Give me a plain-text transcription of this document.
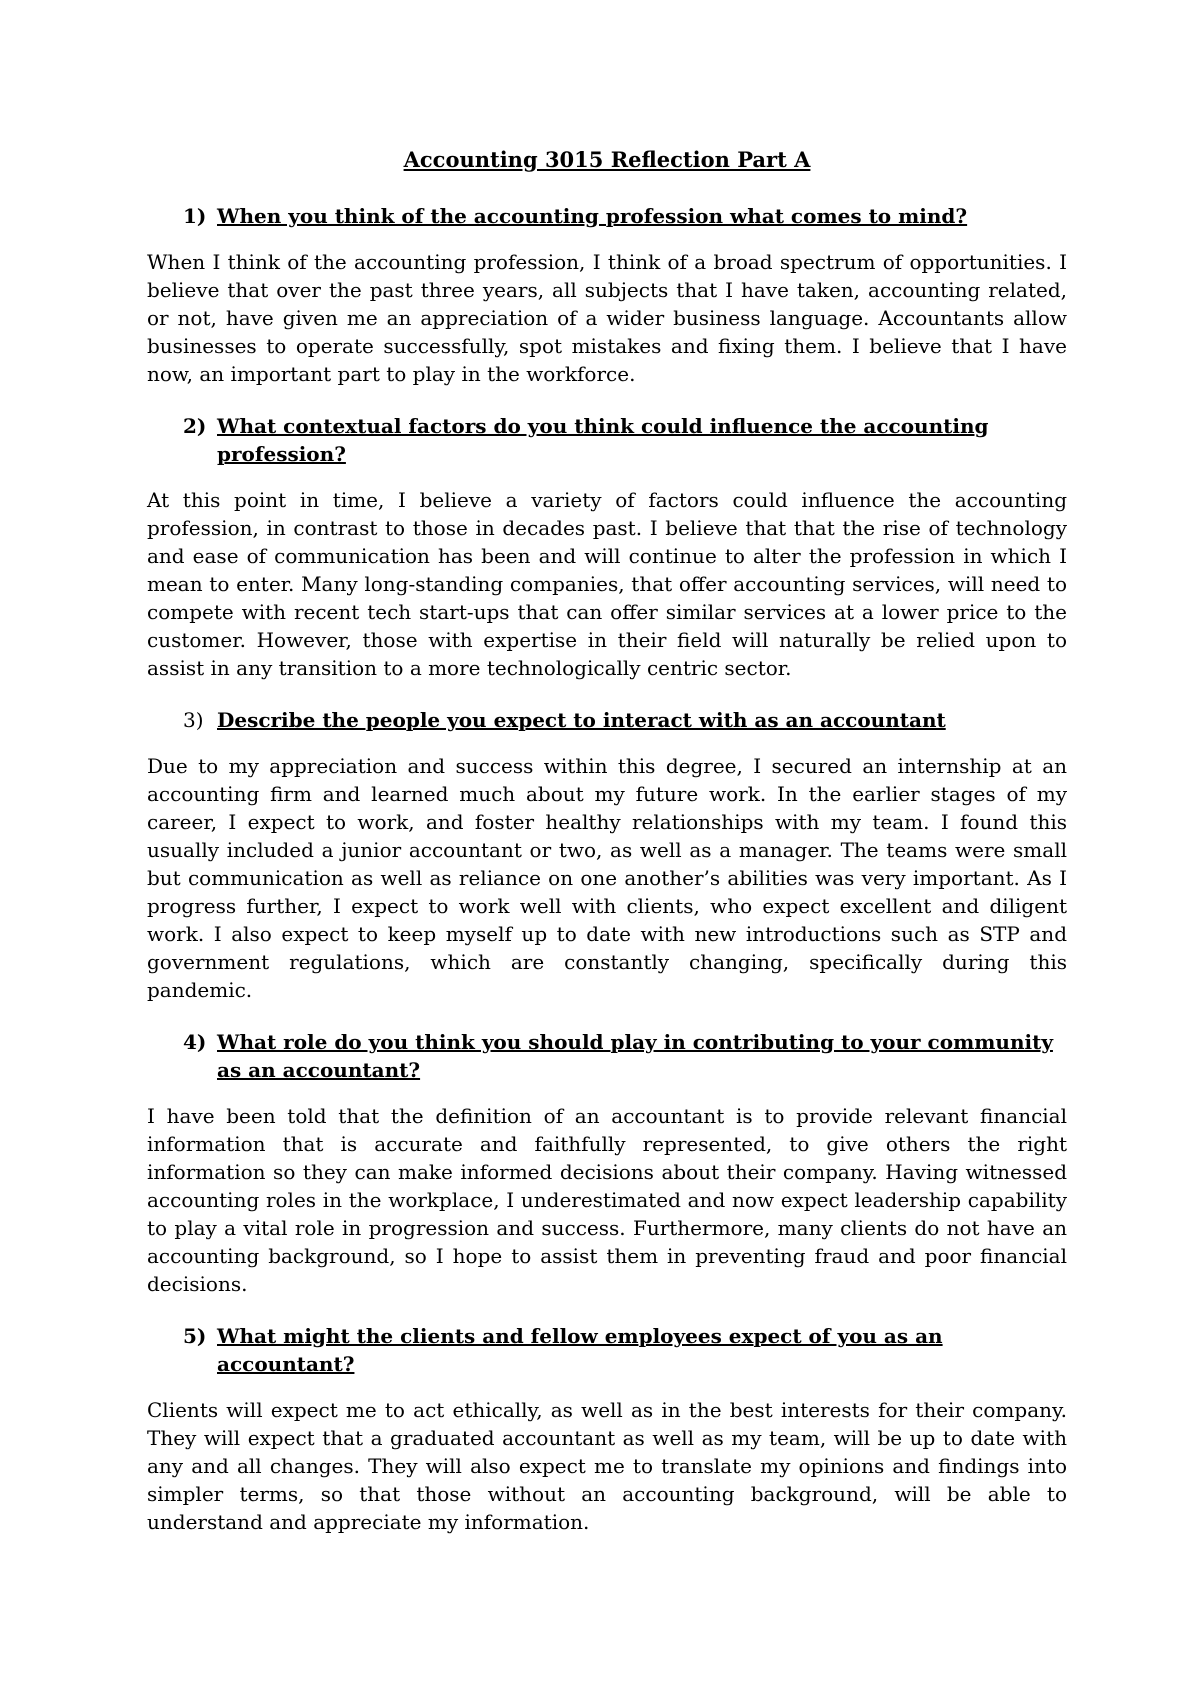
Accounting 3015 Reflection Part A
1) When you think of the accounting profession what comes to mind?

When I think of the accounting profession, I think of a broad spectrum of opportunities. I believe that over the past three years, all subjects that I have taken, accounting related, or not, have given me an appreciation of a wider business language. Accountants allow businesses to operate successfully, spot mistakes and fixing them. I believe that I have now, an important part to play in the workforce.

2) What contextual factors do you think could influence the accounting profession?

At this point in time, I believe a variety of factors could influence the accounting profession, in contrast to those in decades past. I believe that that the rise of technology and ease of communication has been and will continue to alter the profession in which I mean to enter. Many long-standing companies, that offer accounting services, will need to compete with recent tech start-ups that can offer similar services at a lower price to the customer. However, those with expertise in their field will naturally be relied upon to assist in any transition to a more technologically centric sector.

3) Describe the people you expect to interact with as an accountant

Due to my appreciation and success within this degree, I secured an internship at an accounting firm and learned much about my future work. In the earlier stages of my career, I expect to work, and foster healthy relationships with my team. I found this usually included a junior accountant or two, as well as a manager. The teams were small but communication as well as reliance on one another’s abilities was very important. As I progress further, I expect to work well with clients, who expect excellent and diligent work. I also expect to keep myself up to date with new introductions such as STP and government regulations, which are constantly changing, specifically during this pandemic.

4) What role do you think you should play in contributing to your community as an accountant?

I have been told that the definition of an accountant is to provide relevant financial information that is accurate and faithfully represented, to give others the right information so they can make informed decisions about their company. Having witnessed accounting roles in the workplace, I underestimated and now expect leadership capability to play a vital role in progression and success. Furthermore, many clients do not have an accounting background, so I hope to assist them in preventing fraud and poor financial decisions.

5) What might the clients and fellow employees expect of you as an accountant?

Clients will expect me to act ethically, as well as in the best interests for their company. They will expect that a graduated accountant as well as my team, will be up to date with any and all changes. They will also expect me to translate my opinions and findings into simpler terms, so that those without an accounting background, will be able to understand and appreciate my information.
